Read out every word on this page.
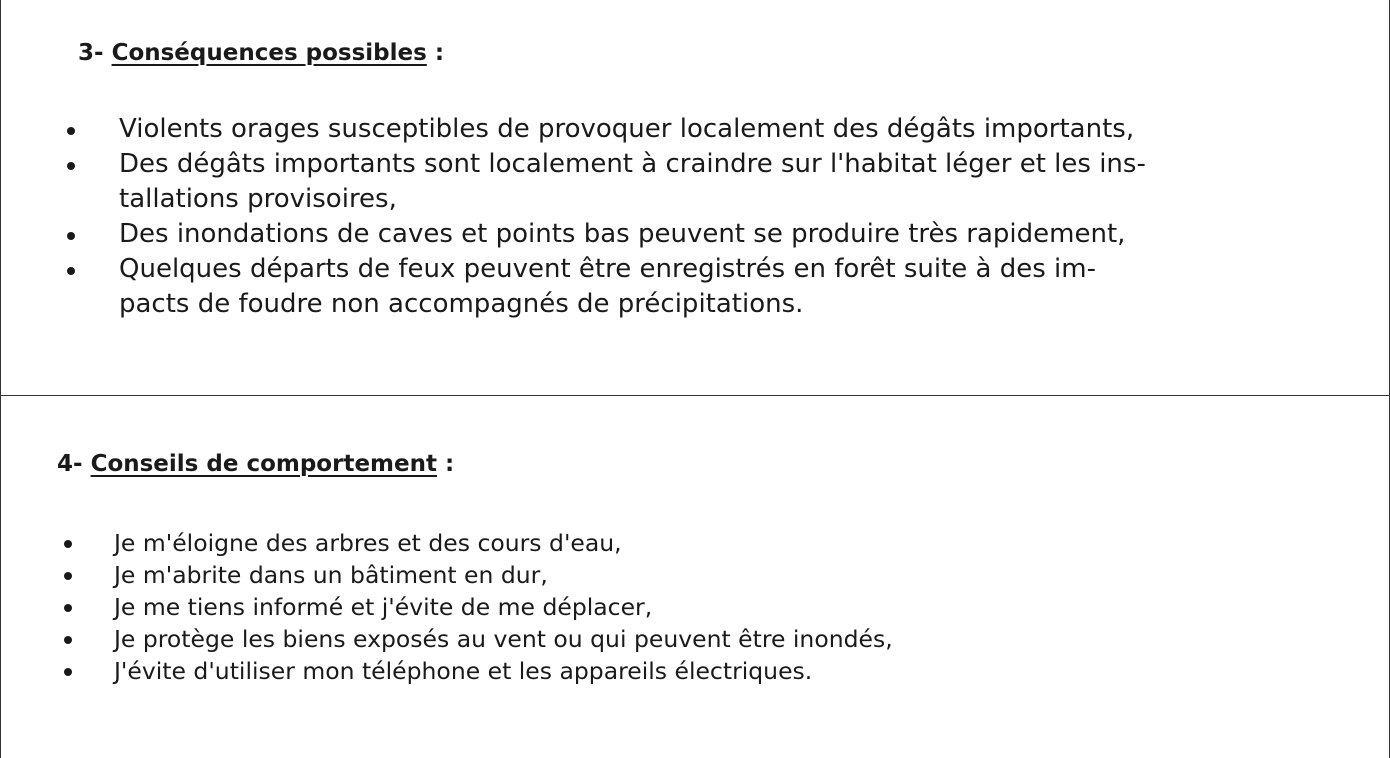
3- Conséquences possibles :
Violents orages susceptibles de provoquer localement des dégâts importants,
Des dégâts importants sont localement à craindre sur l'habitat léger et les ins-
tallations provisoires,
Des inondations de caves et points bas peuvent se produire très rapidement,
Quelques départs de feux peuvent être enregistrés en forêt suite à des im-
pacts de foudre non accompagnés de précipitations.
4- Conseils de comportement :
Je m'éloigne des arbres et des cours d'eau,
Je m'abrite dans un bâtiment en dur,
Je me tiens informé et j'évite de me déplacer,
Je protège les biens exposés au vent ou qui peuvent être inondés,
J'évite d'utiliser mon téléphone et les appareils électriques.
